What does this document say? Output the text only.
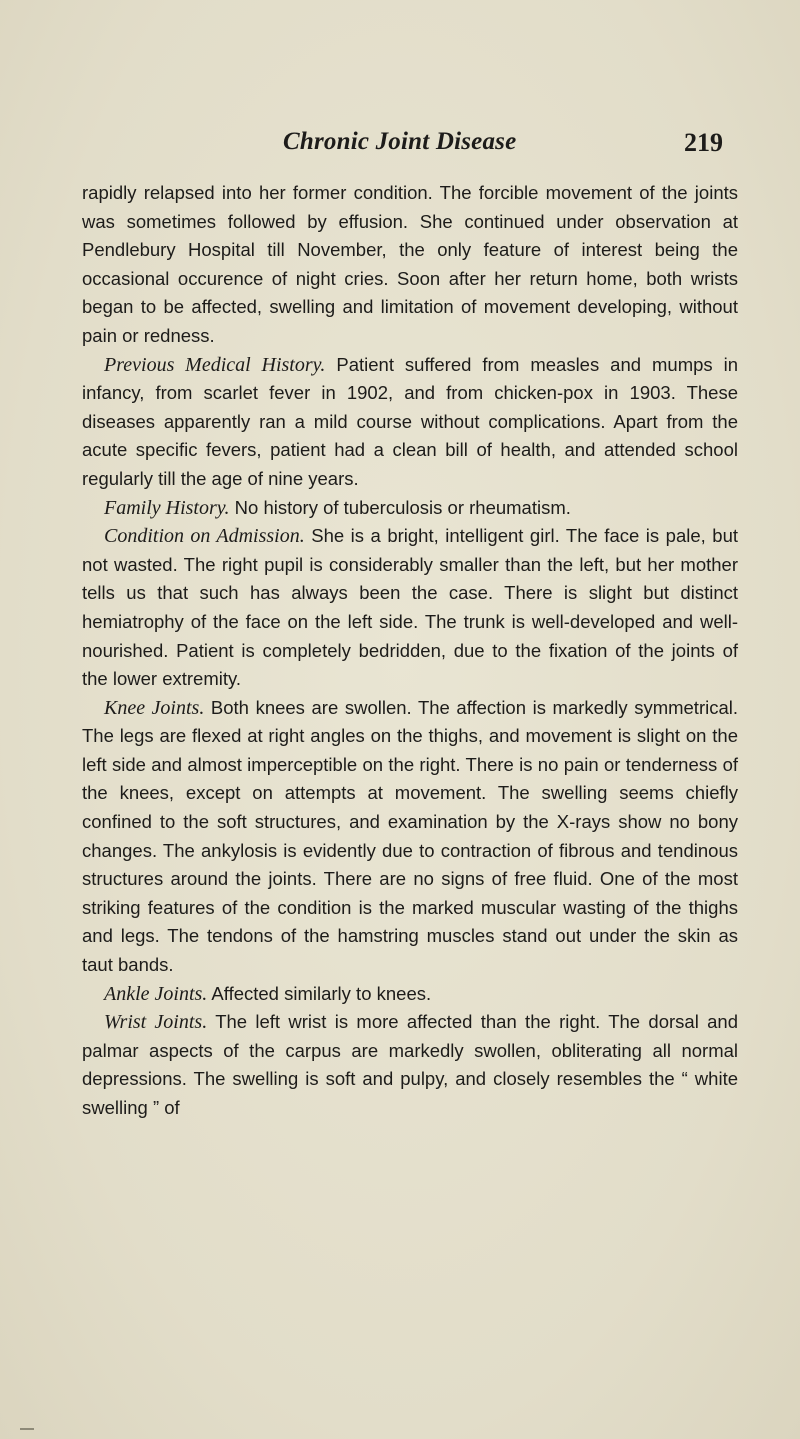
Chronic Joint Disease	219

rapidly relapsed into her former condition. The forcible movement of the joints was sometimes followed by effusion. She continued under observation at Pendlebury Hospital till November, the only feature of interest being the occasional occurence of night cries. Soon after her return home, both wrists began to be affected, swelling and limitation of movement developing, without pain or redness.

Previous Medical History. Patient suffered from measles and mumps in infancy, from scarlet fever in 1902, and from chicken-pox in 1903. These diseases apparently ran a mild course without complications. Apart from the acute specific fevers, patient had a clean bill of health, and attended school regularly till the age of nine years.

Family History. No history of tuberculosis or rheumatism.

Condition on Admission. She is a bright, intelligent girl. The face is pale, but not wasted. The right pupil is considerably smaller than the left, but her mother tells us that such has always been the case. There is slight but distinct hemiatrophy of the face on the left side. The trunk is well-developed and well-nourished. Patient is completely bedridden, due to the fixation of the joints of the lower extremity.

Knee Joints. Both knees are swollen. The affection is markedly symmetrical. The legs are flexed at right angles on the thighs, and movement is slight on the left side and almost imperceptible on the right. There is no pain or tenderness of the knees, except on attempts at movement. The swelling seems chiefly confined to the soft structures, and examination by the X-rays show no bony changes. The ankylosis is evidently due to contraction of fibrous and tendinous structures around the joints. There are no signs of free fluid. One of the most striking features of the condition is the marked muscular wasting of the thighs and legs. The tendons of the hamstring muscles stand out under the skin as taut bands.

Ankle Joints. Affected similarly to knees.

Wrist Joints. The left wrist is more affected than the right. The dorsal and palmar aspects of the carpus are markedly swollen, obliterating all normal depressions. The swelling is soft and pulpy, and closely resembles the “ white swelling ” of
